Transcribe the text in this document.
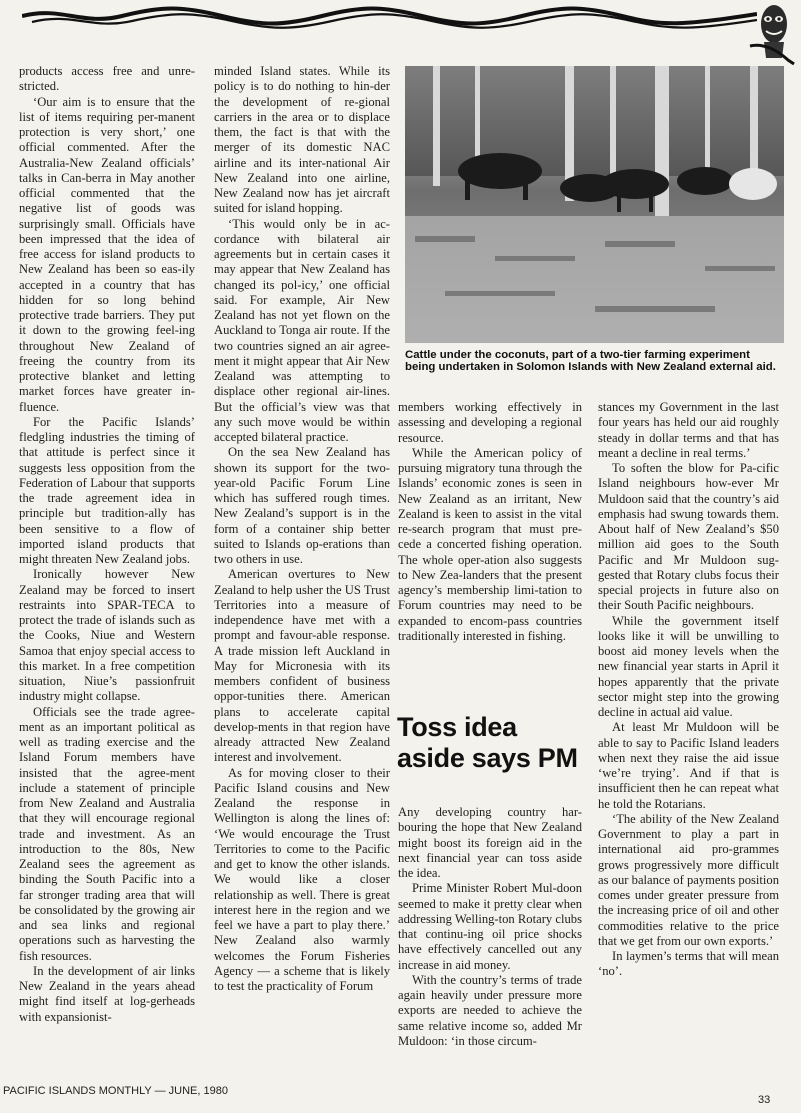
products access free and unre-stricted.

‘Our aim is to ensure that the list of items requiring per-manent protection is very short,’ one official commented. After the Australia-New Zealand officials’ talks in Can-berra in May another official commented that the negative list of goods was surprisingly small. Officials have been impressed that the idea of free access for island products to New Zealand has been so eas-ily accepted in a country that has hidden for so long behind protective trade barriers. They put it down to the growing feel-ing throughout New Zealand of freeing the country from its protective blanket and letting market forces have greater in-fluence.

For the Pacific Islands’ fledgling industries the timing of that attitude is perfect since it suggests less opposition from the Federation of Labour that supports the trade agreement idea in principle but tradition-ally has been sensitive to a flow of imported island products that might threaten New Zealand jobs.

Ironically however New Zealand may be forced to insert restraints into SPAR-TECA to protect the trade of islands such as the Cooks, Niue and Western Samoa that enjoy special access to this market. In a free competition situation, Niue’s passionfruit industry might collapse.

Officials see the trade agree-ment as an important political as well as trading exercise and the Island Forum members have insisted that the agree-ment include a statement of principle from New Zealand and Australia that they will encourage regional trade and investment. As an introduction to the 80s, New Zealand sees the agreement as binding the South Pacific into a far stronger trading area that will be consolidated by the growing air and sea links and regional operations such as harvesting the fish resources.

In the development of air links New Zealand in the years ahead might find itself at log-gerheads with expansionist-

minded Island states. While its policy is to do nothing to hin-der the development of re-gional carriers in the area or to displace them, the fact is that with the merger of its domestic NAC airline and its inter-national Air New Zealand into one airline, New Zealand now has jet aircraft suited for island hopping.

‘This would only be in ac-cordance with bilateral air agreements but in certain cases it may appear that New Zealand has changed its pol-icy,’ one official said. For example, Air New Zealand has not yet flown on the Auckland to Tonga air route. If the two countries signed an air agree-ment it might appear that Air New Zealand was attempting to displace other regional air-lines. But the official’s view was that any such move would be within accepted bilateral practice.

On the sea New Zealand has shown its support for the two-year-old Pacific Forum Line which has suffered rough times. New Zealand’s support is in the form of a container ship better suited to Islands op-erations than two others in use.

American overtures to New Zealand to help usher the US Trust Territories into a measure of independence have met with a prompt and favour-able response. A trade mission left Auckland in May for Micronesia with its members confident of business oppor-tunities there. American plans to accelerate capital develop-ments in that region have already attracted New Zealand interest and involvement.

As for moving closer to their Pacific Island cousins and New Zealand the response in Wellington is along the lines of: ‘We would encourage the Trust Territories to come to the Pacific and get to know the other islands. We would like a closer relationship as well. There is great interest here in the region and we feel we have a part to play there.’ New Zealand also warmly welcomes the Forum Fisheries Agency — a scheme that is likely to test the practicality of Forum

Cattle under the coconuts, part of a two-tier farming experiment being undertaken in Solomon Islands with New Zealand external aid.

members working effectively in assessing and developing a regional resource.

While the American policy of pursuing migratory tuna through the Islands’ economic zones is seen in New Zealand as an irritant, New Zealand is keen to assist in the vital re-search program that must pre-cede a concerted fishing operation. The whole oper-ation also suggests to New Zea-landers that the present agency’s membership limi-tation to Forum countries may need to be expanded to encom-pass countries traditionally interested in fishing.

Toss idea aside says PM

Any developing country har-bouring the hope that New Zealand might boost its foreign aid in the next financial year can toss aside the idea.

Prime Minister Robert Mul-doon seemed to make it pretty clear when addressing Welling-ton Rotary clubs that continu-ing oil price shocks have effectively cancelled out any increase in aid money.

With the country’s terms of trade again heavily under pressure more exports are needed to achieve the same relative income so, added Mr Muldoon: ‘in those circum-

stances my Government in the last four years has held our aid roughly steady in dollar terms and that has meant a decline in real terms.’

To soften the blow for Pa-cific Island neighbours how-ever Mr Muldoon said that the country’s aid emphasis had swung towards them. About half of New Zealand’s $50 million aid goes to the South Pacific and Mr Muldoon sug-gested that Rotary clubs focus their special projects in future also on their South Pacific neighbours.

While the government itself looks like it will be unwilling to boost aid money levels when the new financial year starts in April it hopes apparently that the private sector might step into the growing decline in actual aid value.

At least Mr Muldoon will be able to say to Pacific Island leaders when next they raise the aid issue ‘we’re trying’. And if that is insufficient then he can repeat what he told the Rotarians.

‘The ability of the New Zealand Government to play a part in international aid pro-grammes grows progressively more difficult as our balance of payments position comes under greater pressure from the increasing price of oil and other commodities relative to the price that we get from our own exports.’

In laymen’s terms that will mean ‘no’.

PACIFIC ISLANDS MONTHLY — JUNE, 1980
33
